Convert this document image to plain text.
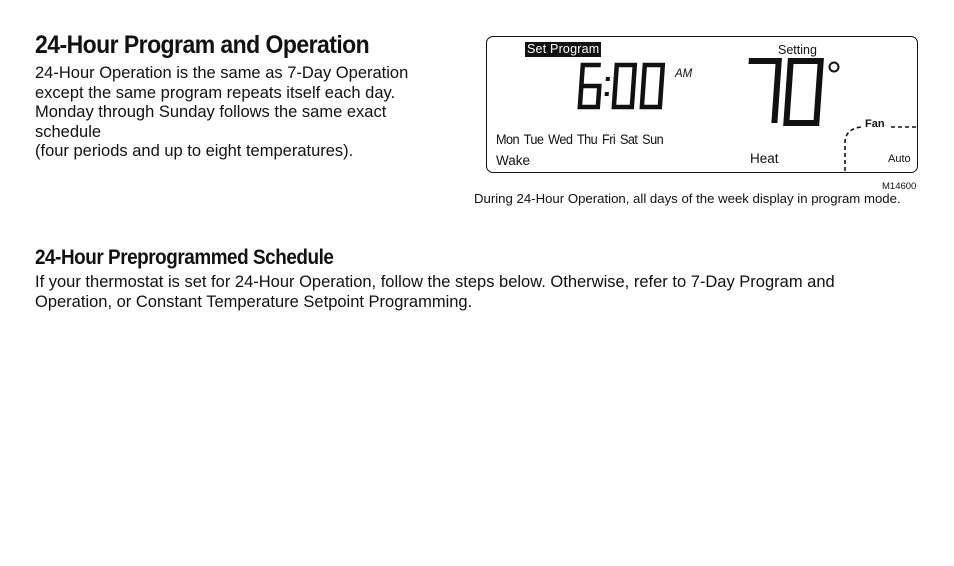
24-Hour Program and Operation
24-Hour Operation is the same as 7-Day Operation
except the same program repeats itself each day.
Monday through Sunday follows the same exact
schedule
(four periods and up to eight temperatures).
Set Program	Setting
AM
Mon Tue Wed Thu Fri Sat Sun
Wake	Heat
Fan
Auto
M14600
During 24-Hour Operation, all days of the week display in program mode.
24-Hour Preprogrammed Schedule
If your thermostat is set for 24-Hour Operation, follow the steps below. Otherwise, refer to 7-Day Program and
Operation, or Constant Temperature Setpoint Programming.
